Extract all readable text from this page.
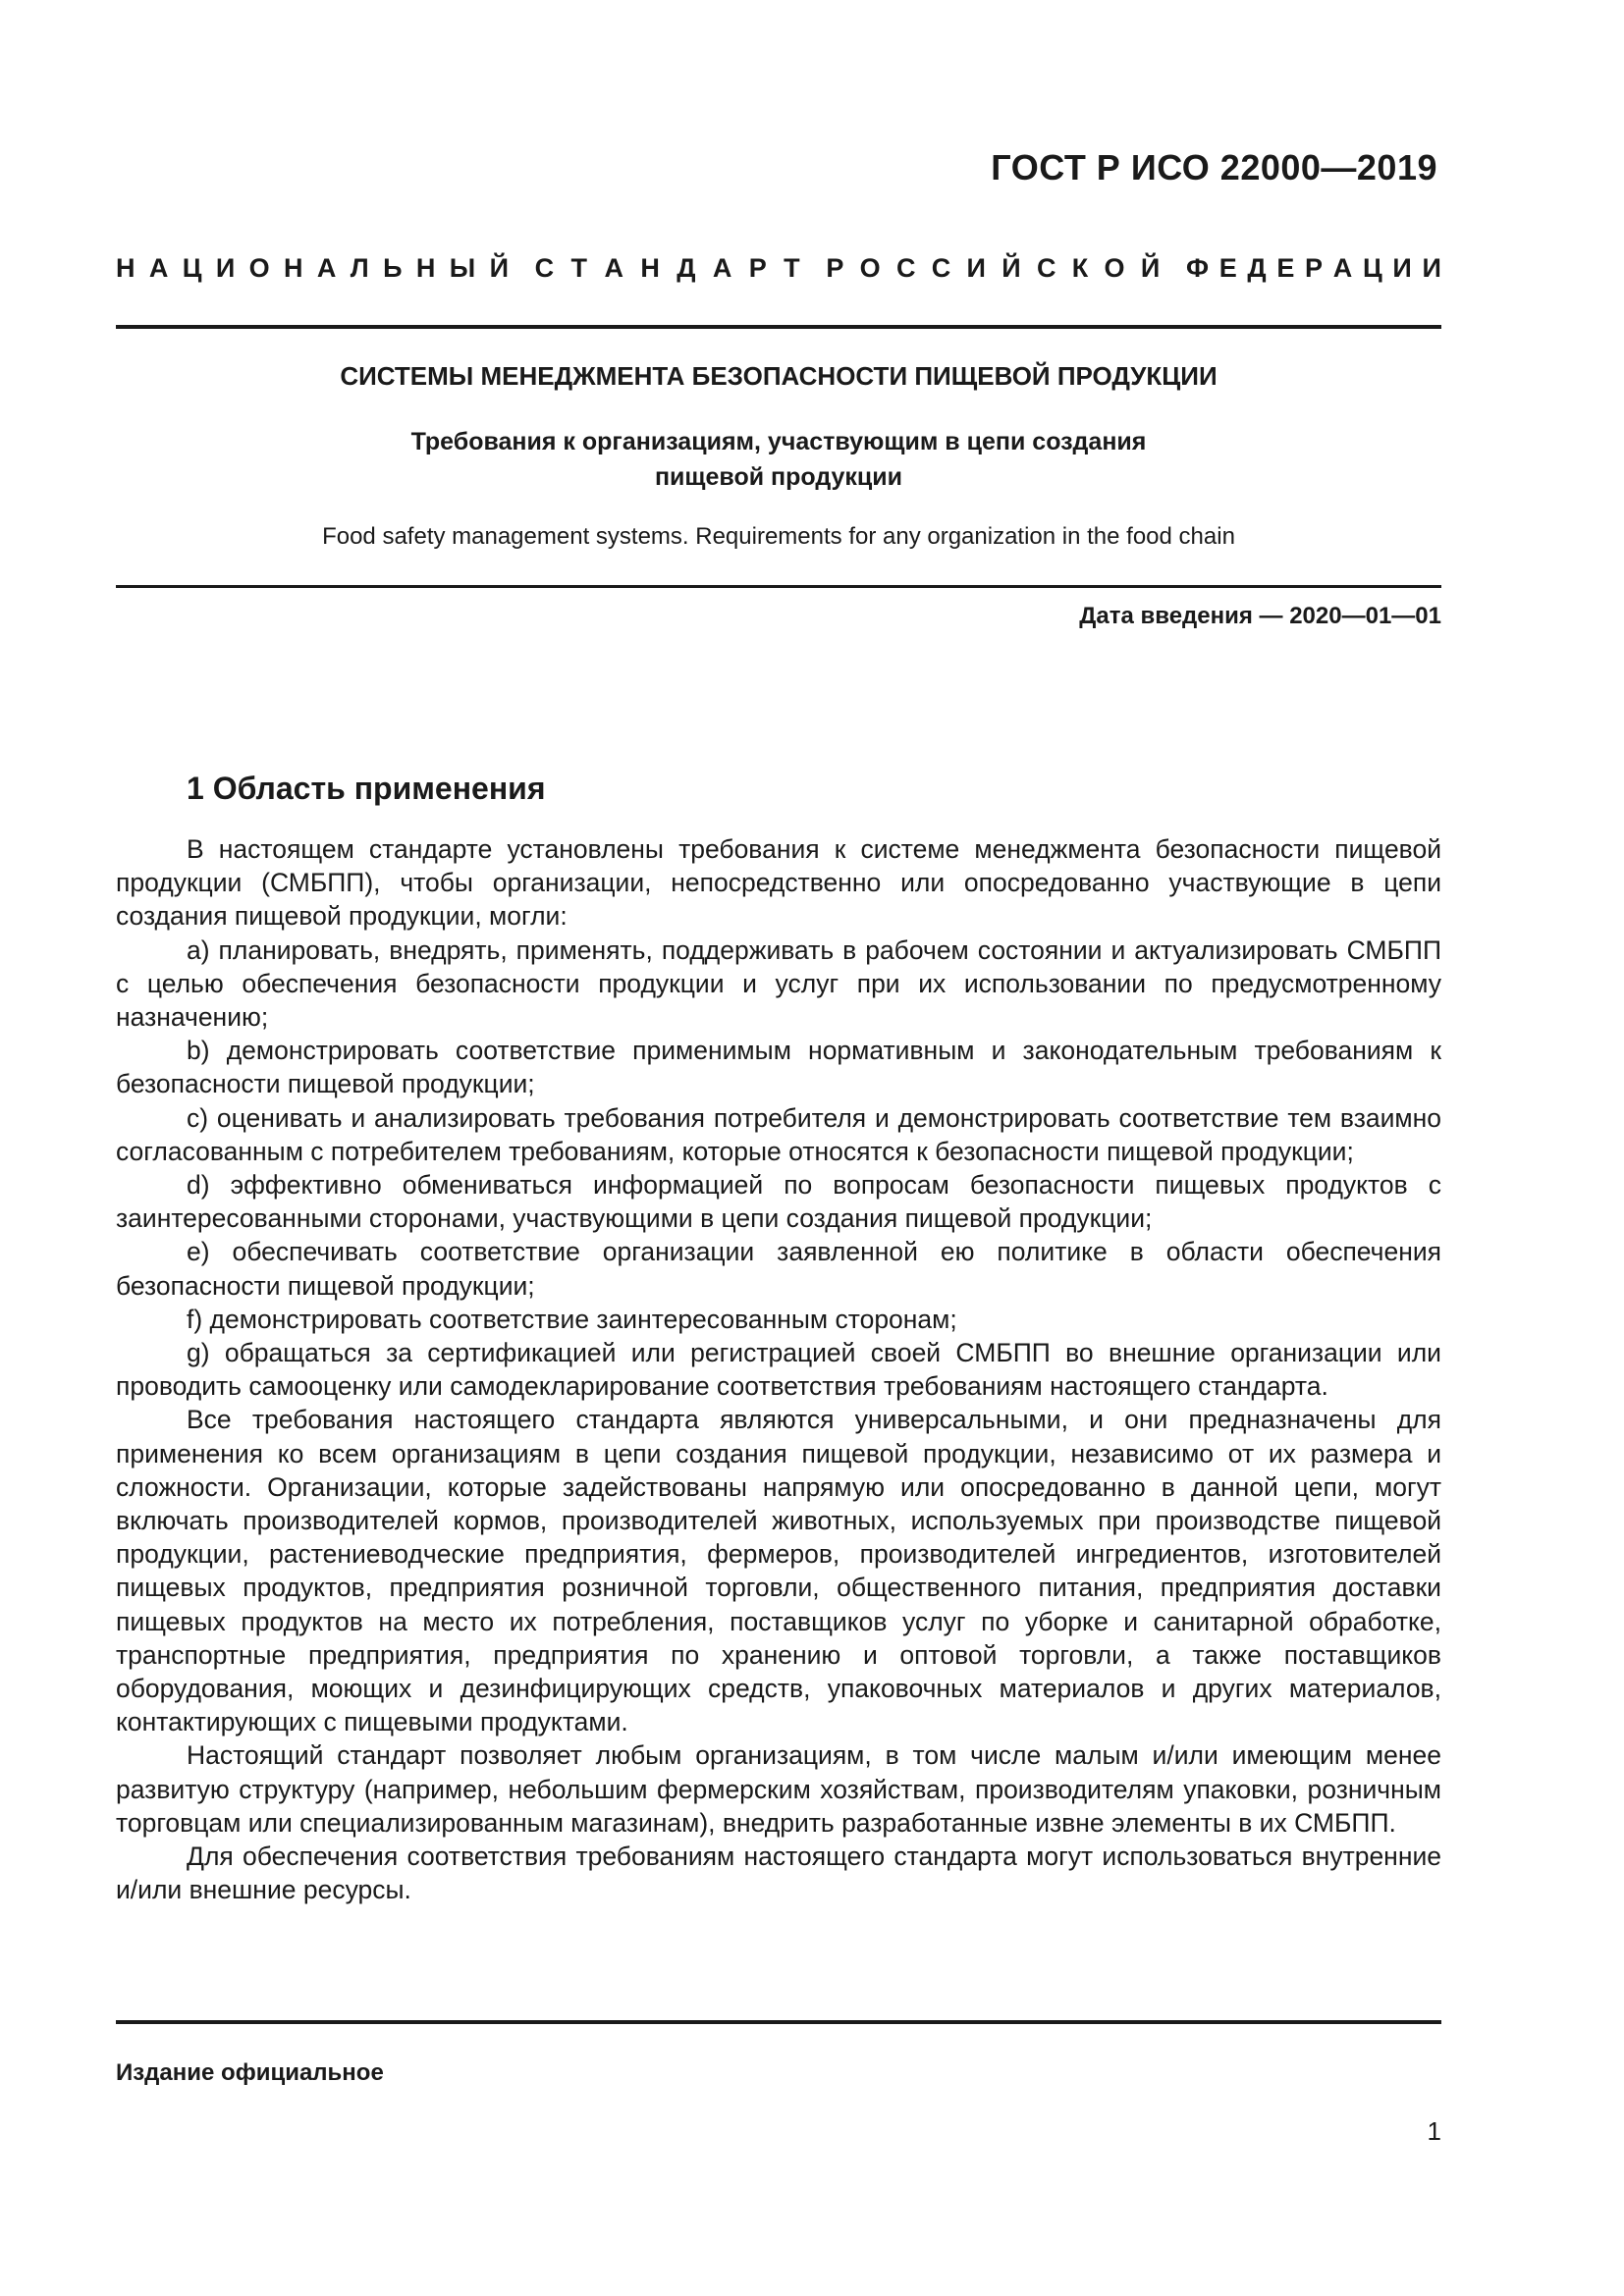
ГОСТ Р ИСО 22000—2019
Н А Ц И О Н А Л Ь Н Ы Й С Т А Н Д А Р Т Р О С С И Й С К О Й Ф Е Д Е Р А Ц И И
СИСТЕМЫ МЕНЕДЖМЕНТА БЕЗОПАСНОСТИ ПИЩЕВОЙ ПРОДУКЦИИ
Требования к организациям, участвующим в цепи создания
пищевой продукции
Food safety management systems. Requirements for any organization in the food chain
Дата введения — 2020—01—01
1 Область применения

В настоящем стандарте установлены требования к системе менеджмента безопасности пищевой продукции (СМБПП), чтобы организации, непосредственно или опосредованно участвующие в цепи создания пищевой продукции, могли:

a) планировать, внедрять, применять, поддерживать в рабочем состоянии и актуализировать СМБПП с целью обеспечения безопасности продукции и услуг при их использовании по предусмотренному назначению;

b) демонстрировать соответствие применимым нормативным и законодательным требованиям к безопасности пищевой продукции;

c) оценивать и анализировать требования потребителя и демонстрировать соответствие тем взаимно согласованным с потребителем требованиям, которые относятся к безопасности пищевой продукции;

d) эффективно обмениваться информацией по вопросам безопасности пищевых продуктов с заинтересованными сторонами, участвующими в цепи создания пищевой продукции;

e) обеспечивать соответствие организации заявленной ею политике в области обеспечения безопасности пищевой продукции;

f) демонстрировать соответствие заинтересованным сторонам;

g) обращаться за сертификацией или регистрацией своей СМБПП во внешние организации или проводить самооценку или самодекларирование соответствия требованиям настоящего стандарта.

Все требования настоящего стандарта являются универсальными, и они предназначены для применения ко всем организациям в цепи создания пищевой продукции, независимо от их размера и сложности. Организации, которые задействованы напрямую или опосредованно в данной цепи, могут включать производителей кормов, производителей животных, используемых при производстве пищевой продукции, растениеводческие предприятия, фермеров, производителей ингредиентов, изготовителей пищевых продуктов, предприятия розничной торговли, общественного питания, предприятия доставки пищевых продуктов на место их потребления, поставщиков услуг по уборке и санитарной обработке, транспортные предприятия, предприятия по хранению и оптовой торговли, а также поставщиков оборудования, моющих и дезинфицирующих средств, упаковочных материалов и других материалов, контактирующих с пищевыми продуктами.

Настоящий стандарт позволяет любым организациям, в том числе малым и/или имеющим менее развитую структуру (например, небольшим фермерским хозяйствам, производителям упаковки, розничным торговцам или специализированным магазинам), внедрить разработанные извне элементы в их СМБПП.

Для обеспечения соответствия требованиям настоящего стандарта могут использоваться внутренние и/или внешние ресурсы.

Издание официальное
1
